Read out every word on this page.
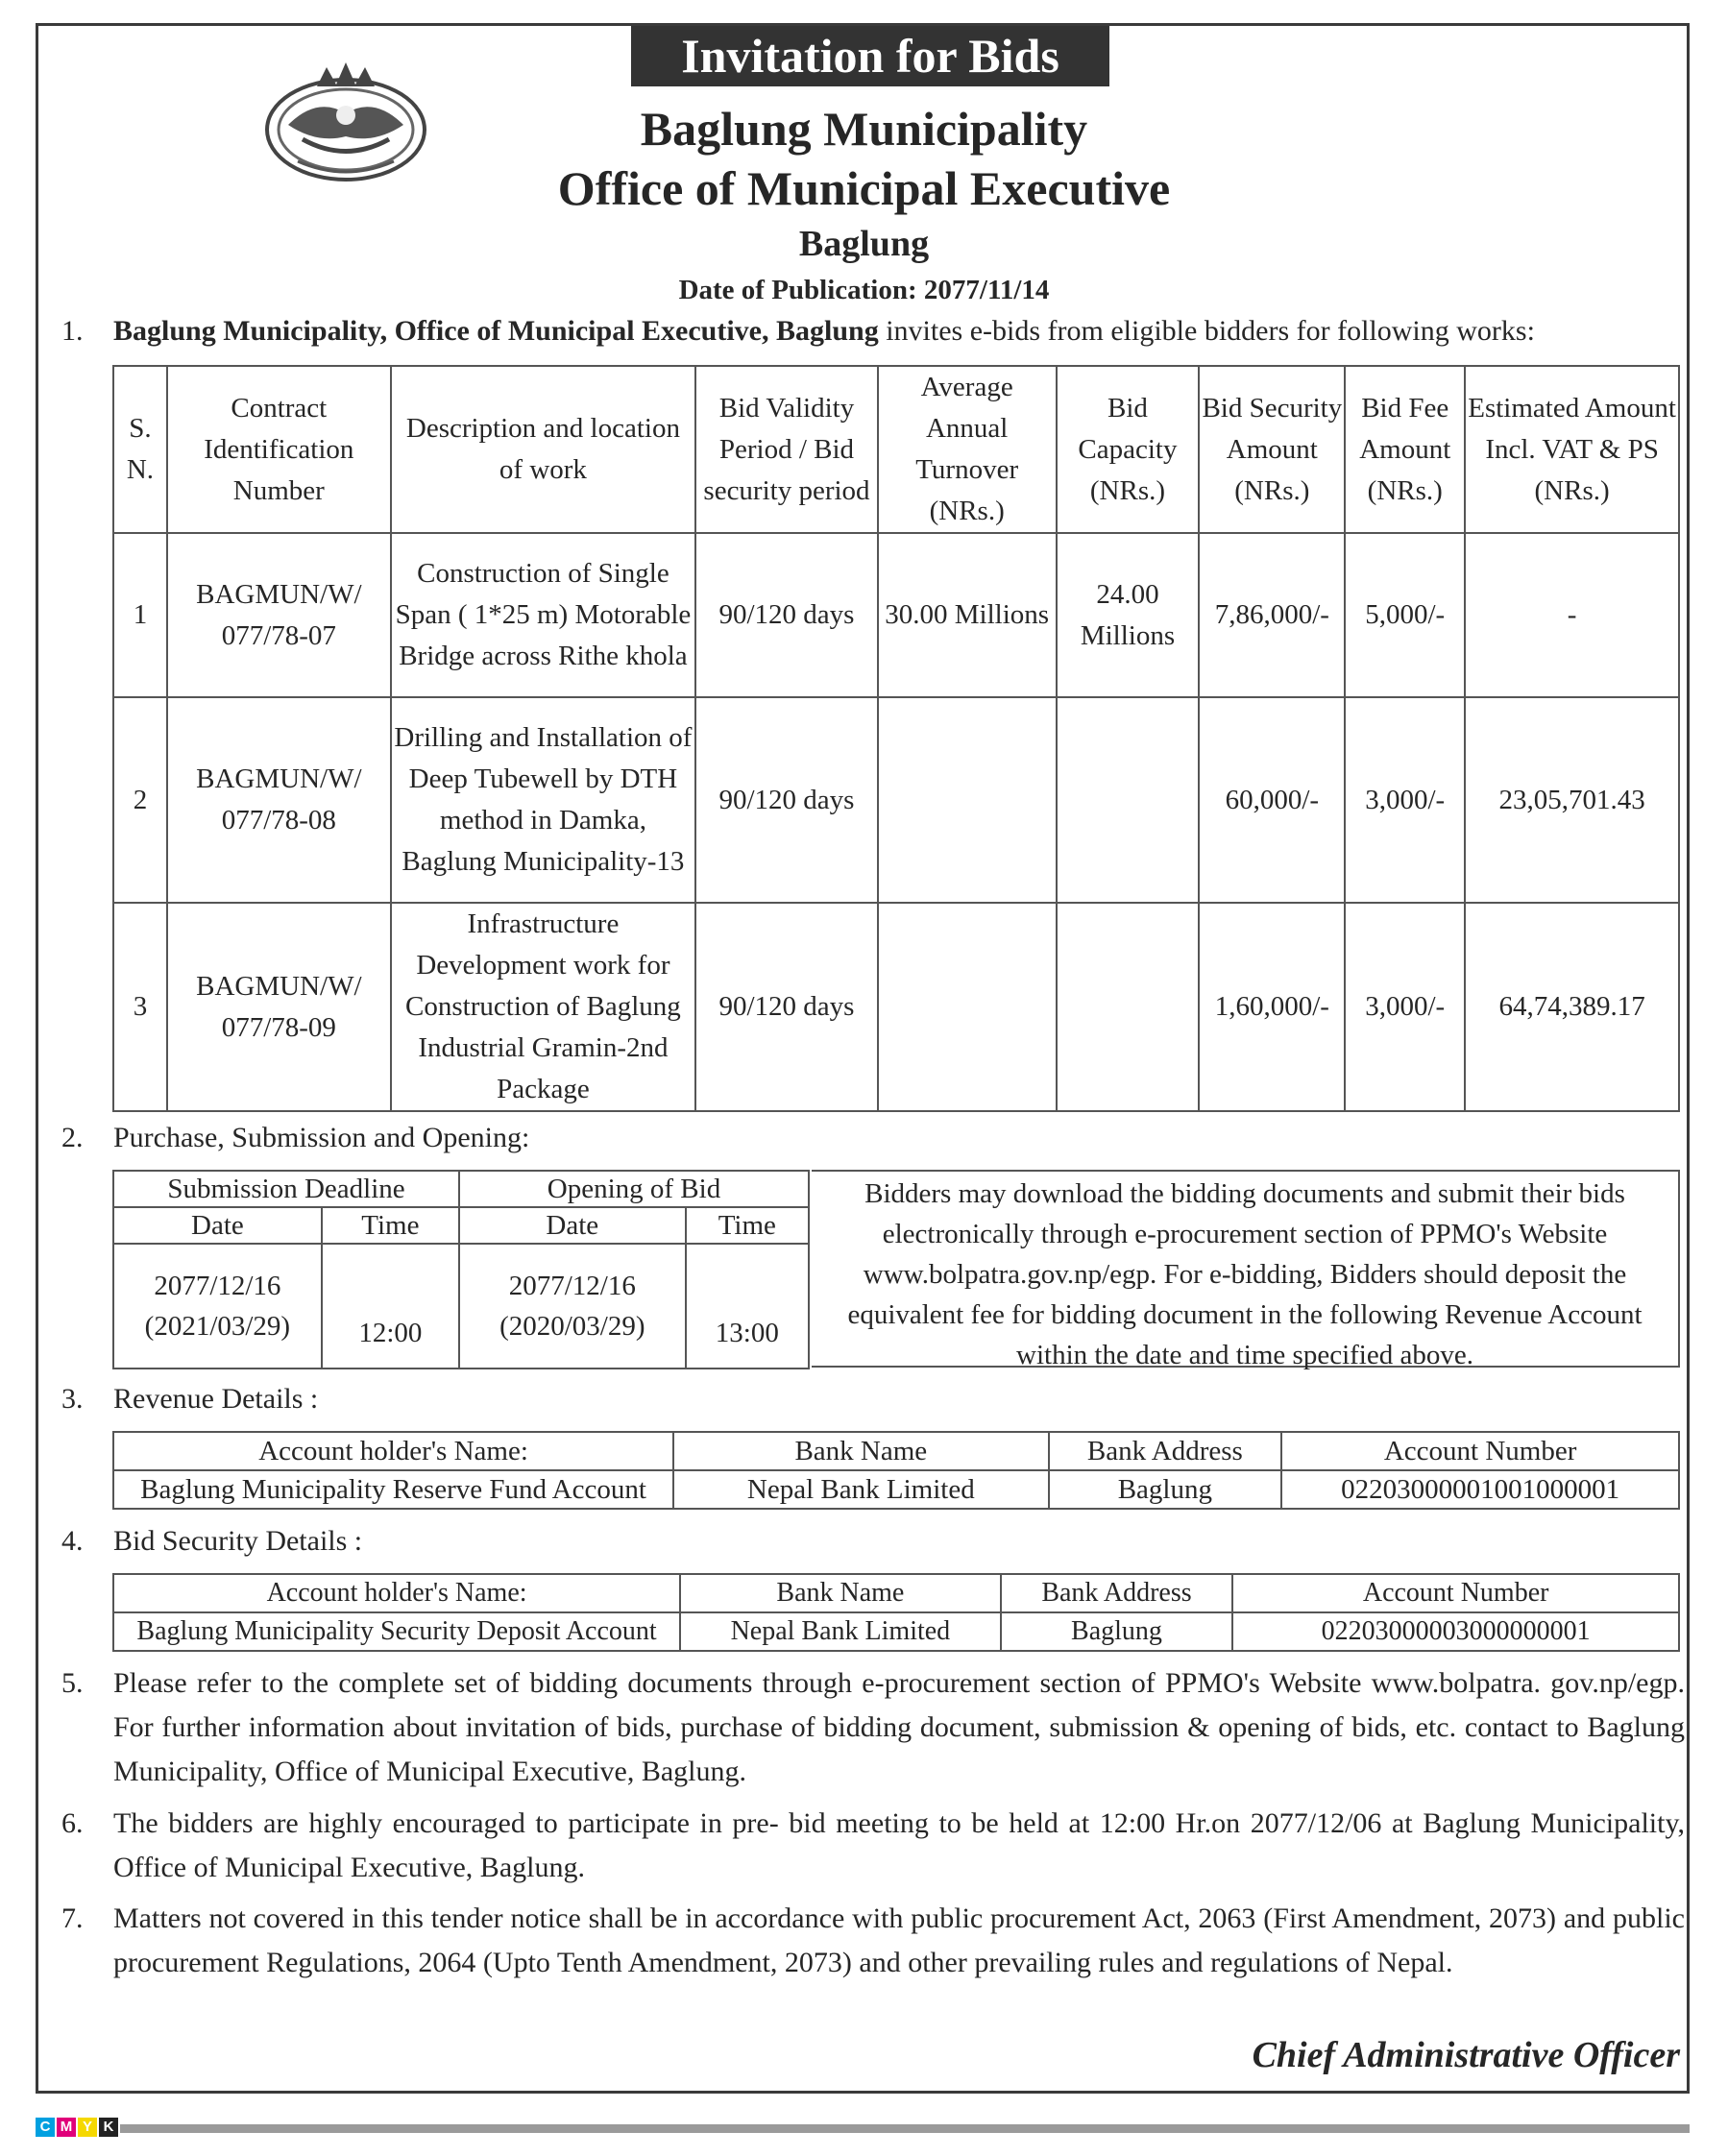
Invitation for Bids
Baglung Municipality
Office of Municipal Executive
Baglung
Date of Publication: 2077/11/14
1. Baglung Municipality, Office of Municipal Executive, Baglung invites e-bids from eligible bidders for following works:
S. N.	Contract Identification Number	Description and location of work	Bid Validity Period / Bid security period	Average Annual Turnover (NRs.)	Bid Capacity (NRs.)	Bid Security Amount (NRs.)	Bid Fee Amount (NRs.)	Estimated Amount Incl. VAT & PS (NRs.)
1	BAGMUN/W/ 077/78-07	Construction of Single Span ( 1*25 m) Motorable Bridge across Rithe khola	90/120 days	30.00 Millions	24.00 Millions	7,86,000/-	5,000/-	-
2	BAGMUN/W/ 077/78-08	Drilling and Installation of Deep Tubewell by DTH method in Damka, Baglung Municipality-13	90/120 days			60,000/-	3,000/-	23,05,701.43
3	BAGMUN/W/ 077/78-09	Infrastructure Development work for Construction of Baglung Industrial Gramin-2nd Package	90/120 days			1,60,000/-	3,000/-	64,74,389.17
2. Purchase, Submission and Opening:
Submission Deadline		Opening of Bid	
Date	Time	Date	Time
2077/12/16 (2021/03/29)	12:00	2077/12/16 (2020/03/29)	13:00
Bidders may download the bidding documents and submit their bids electronically through e-procurement section of PPMO's Website www.bolpatra.gov.np/egp. For e-bidding, Bidders should deposit the equivalent fee for bidding document in the following Revenue Account within the date and time specified above.
3. Revenue Details :
Account holder's Name:	Bank Name	Bank Address	Account Number
Baglung Municipality Reserve Fund Account	Nepal Bank Limited	Baglung	02203000001001000001
4. Bid Security Details :
Account holder's Name:	Bank Name	Bank Address	Account Number
Baglung Municipality Security Deposit Account	Nepal Bank Limited	Baglung	02203000003000000001
5. Please refer to the complete set of bidding documents through e-procurement section of PPMO's Website www.bolpatra. gov.np/egp. For further information about invitation of bids, purchase of bidding document, submission & opening of bids, etc. contact to Baglung Municipality, Office of Municipal Executive, Baglung.
6. The bidders are highly encouraged to participate in pre- bid meeting to be held at 12:00 Hr.on 2077/12/06 at Baglung Municipality, Office of Municipal Executive, Baglung.
7. Matters not covered in this tender notice shall be in accordance with public procurement Act, 2063 (First Amendment, 2073) and public procurement Regulations, 2064 (Upto Tenth Amendment, 2073) and other prevailing rules and regulations of Nepal.
Chief Administrative Officer
C M Y K
